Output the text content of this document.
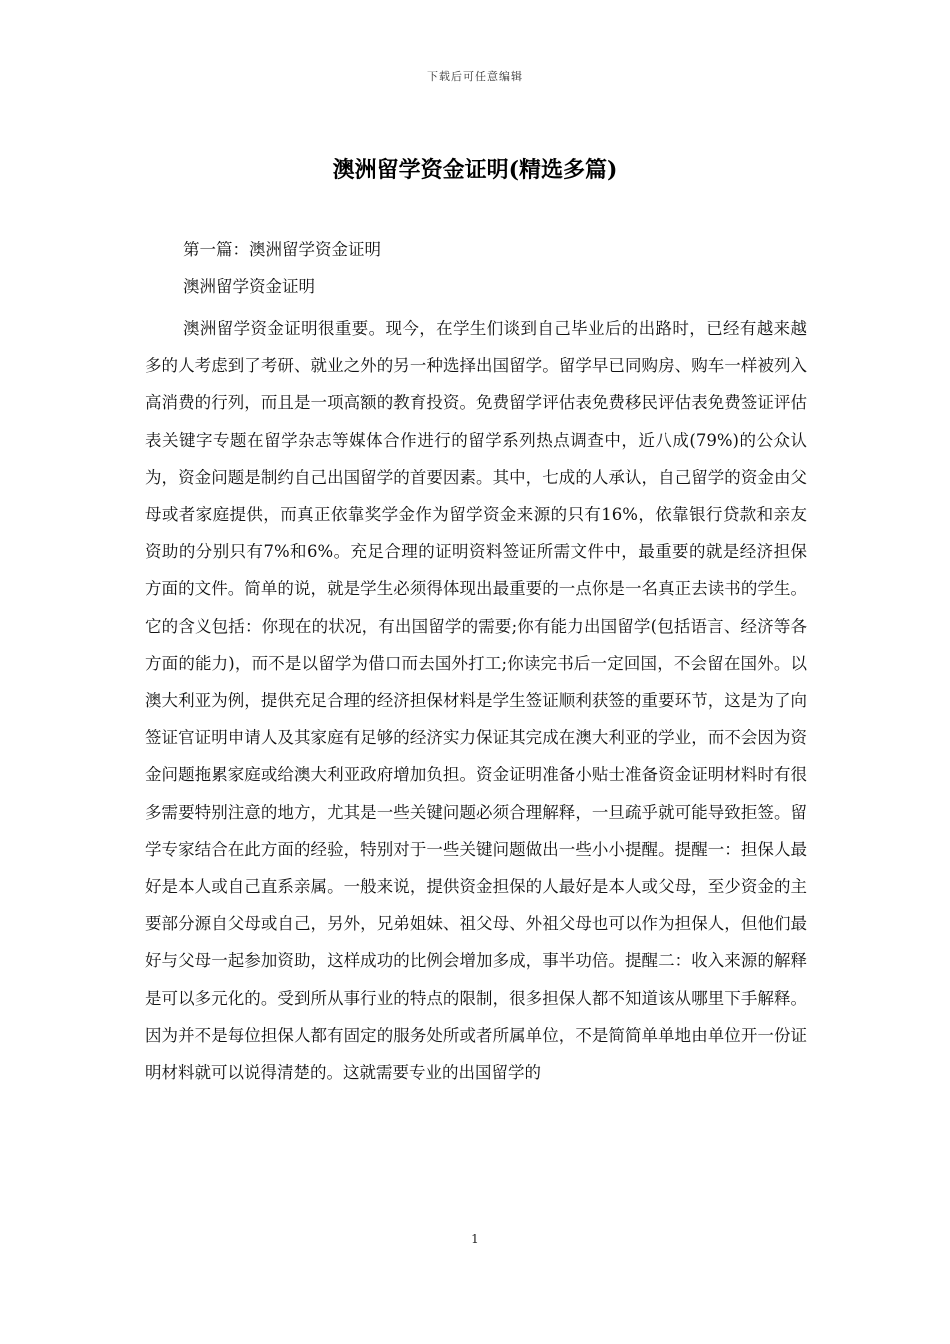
下载后可任意编辑
澳洲留学资金证明(精选多篇)
第一篇：澳洲留学资金证明
澳洲留学资金证明

澳洲留学资金证明很重要。现今，在学生们谈到自己毕业后的出路时，已经有越来越多的人考虑到了考研、就业之外的另一种选择出国留学。留学早已同购房、购车一样被列入高消费的行列，而且是一项高额的教育投资。免费留学评估表免费移民评估表免费签证评估表关键字专题在留学杂志等媒体合作进行的留学系列热点调查中，近八成(79%)的公众认为，资金问题是制约自己出国留学的首要因素。其中，七成的人承认，自己留学的资金由父母或者家庭提供，而真正依靠奖学金作为留学资金来源的只有16%，依靠银行贷款和亲友资助的分别只有7%和6%。充足合理的证明资料签证所需文件中，最重要的就是经济担保方面的文件。简单的说，就是学生必须得体现出最重要的一点你是一名真正去读书的学生。它的含义包括：你现在的状况，有出国留学的需要;你有能力出国留学(包括语言、经济等各方面的能力)，而不是以留学为借口而去国外打工;你读完书后一定回国，不会留在国外。以澳大利亚为例，提供充足合理的经济担保材料是学生签证顺利获签的重要环节，这是为了向签证官证明申请人及其家庭有足够的经济实力保证其完成在澳大利亚的学业，而不会因为资金问题拖累家庭或给澳大利亚政府增加负担。资金证明准备小贴士准备资金证明材料时有很多需要特别注意的地方，尤其是一些关键问题必须合理解释，一旦疏乎就可能导致拒签。留学专家结合在此方面的经验，特别对于一些关键问题做出一些小小提醒。提醒一：担保人最好是本人或自己直系亲属。一般来说，提供资金担保的人最好是本人或父母，至少资金的主要部分源自父母或自己，另外，兄弟姐妹、祖父母、外祖父母也可以作为担保人，但他们最好与父母一起参加资助，这样成功的比例会增加多成，事半功倍。提醒二：收入来源的解释是可以多元化的。受到所从事行业的特点的限制，很多担保人都不知道该从哪里下手解释。因为并不是每位担保人都有固定的服务处所或者所属单位，不是简简单单地由单位开一份证明材料就可以说得清楚的。这就需要专业的出国留学的

1
